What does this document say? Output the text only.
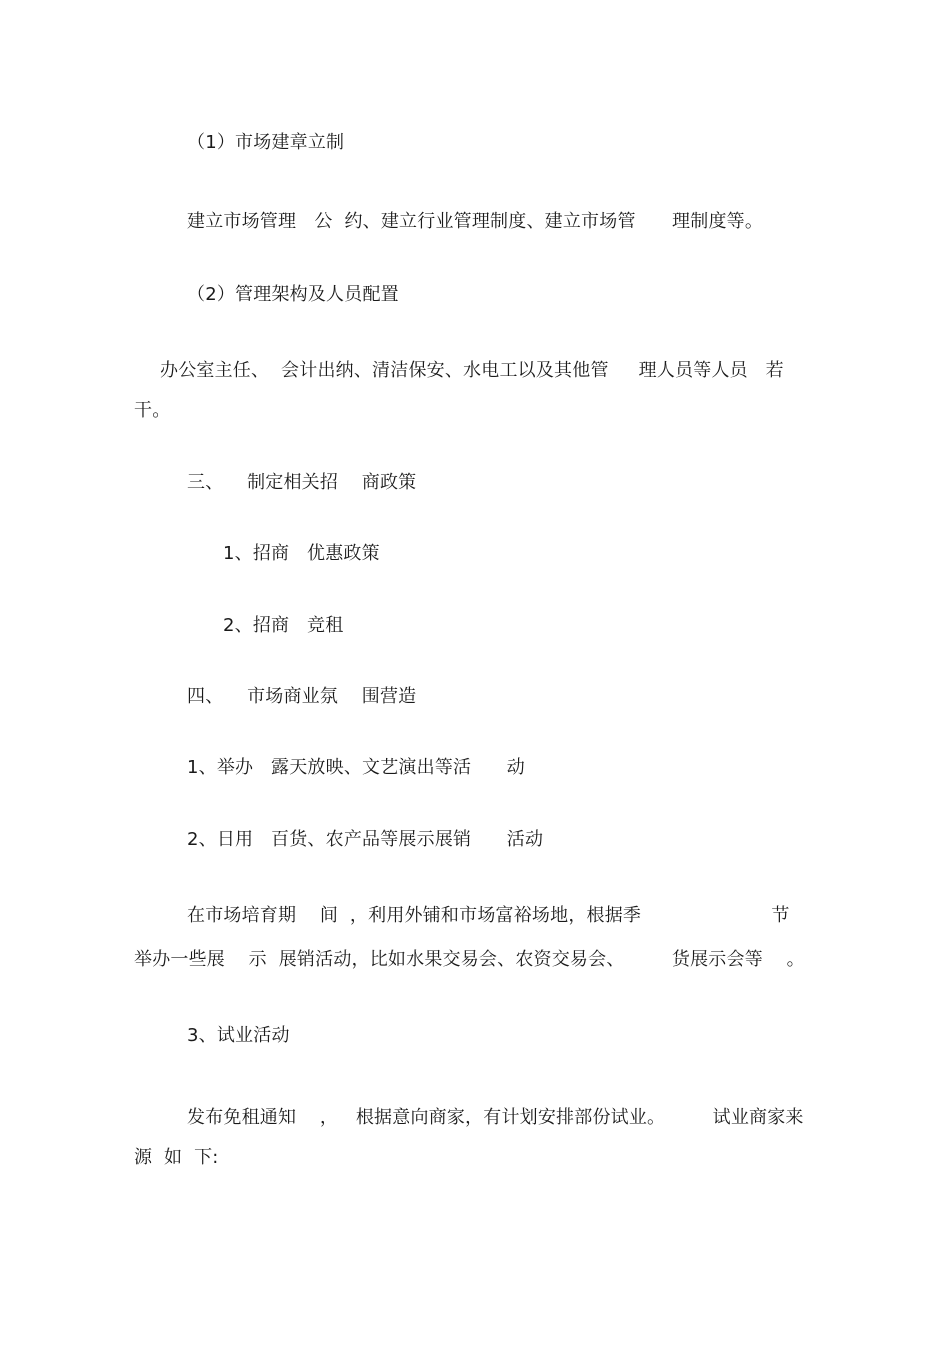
（1）市场建章立制
建立市场管理　公  约、建立行业管理制度、建立市场管　　理制度等。
（2）管理架构及人员配置
办公室主任、  会计出纳、清洁保安、水电工以及其他管　  理人员等人员   若
干。
三、    制定相关招    商政策
1、招商   优惠政策
2、招商   竞租
四、    市场商业氛    围营造
1、举办   露天放映、文艺演出等活      动
2、日用   百货、农产品等展示展销      活动
在市场培育期    间  ，利用外铺和市场富裕场地，根据季                      节
举办一些展    示  展销活动，比如水果交易会、农资交易会、        货展示会等    。
3、试业活动
发布免租通知    ，   根据意向商家，有计划安排部份试业。        试业商家来
源  如  下:
